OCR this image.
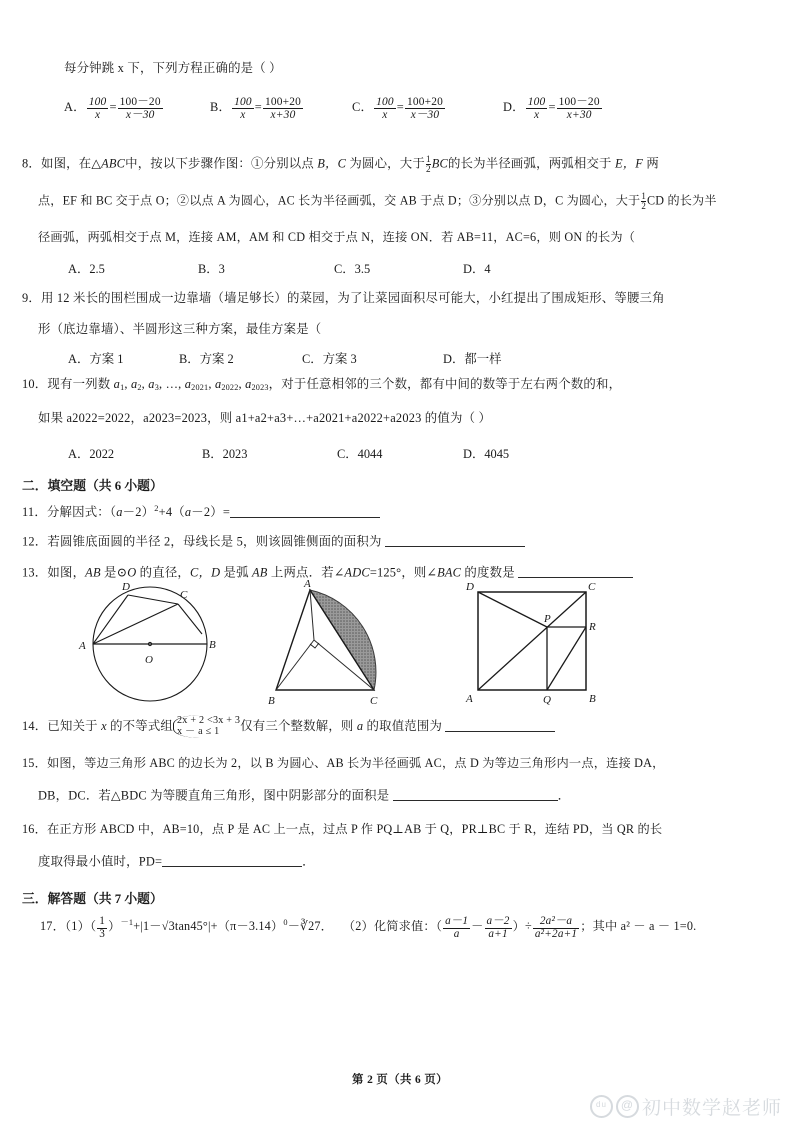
每分钟跳 x 下，下列方程正确的是（ ）
A． $\frac{100}{x} = \frac{100-20}{x-30}$	B． $\frac{100}{x} = \frac{100+20}{x+30}$	C． $\frac{100}{x} = \frac{100+20}{x-30}$	D． $\frac{100}{x} = \frac{100-20}{x+30}$
8．如图，在△ABC中，按以下步骤作图：①分别以点 B，C 为圆心，大于 $\frac{1}{2}$ BC的长为半径画弧，两弧相交于 E，F 两
点，EF 和 BC 交于点 O；②以点 A 为圆心，AC 长为半径画弧，交 AB 于点 D；③分别以点 D，C 为圆心，大于 $\frac{1}{2}$ CD 的长为半
径画弧，两弧相交于点 M，连接 AM，AM 和 CD 相交于点 N，连接 ON．若 AB=11，AC=6，则 ON 的长为（
A．2.5	B．3	C．3.5	D．4
9．用 12 米长的围栏围成一边靠墙（墙足够长）的菜园，为了让菜园面积尽可能大，小红提出了围成矩形、等腰三角
形（底边靠墙）、半圆形这三种方案，最佳方案是（
A．方案 1	B．方案 2	C．方案 3	D．都一样
10．现有一列数 $a_1$, $a_2$, $a_3$, …, $a_{2021}$, $a_{2022}$, $a_{2023}$，对于任意相邻的三个数，都有中间的数等于左右两个数的和，
如果 a2022=2022，a2023=2023，则 a1+a2+a3+…+a2021+a2022+a2023 的值为（ ）
A．2022	B．2023	C．4044	D．4045
二．填空题（共 6 小题）
11．分解因式：$(a-2)^2+4(a-2)=$
12．若圆锥底面圆的半径 2，母线长是 5，则该圆锥侧面的面积为
13．如图，AB 是⊙O 的直径，C，D 是弧 AB 上两点．若∠ADC=125°，则∠BAC 的度数是
D
C
A
O
B
A
B	C
D	C
P
R
A	Q	B
14．已知关于 x 的不等式组 2x + 2 <3x + 3
x － a ≤ 1	仅有三个整数解，则 a 的取值范围为
15．如图，等边三角形 ABC 的边长为 2，以 B 为圆心、AB 长为半径画弧 AC，点 D 为等边三角形内一点，连接 DA，
DB，DC．若△BDC 为等腰直角三角形，图中阴影部分的面积是	．
16．在正方形 ABCD 中，AB=10，点 P 是 AC 上一点，过点 P 作 PQ⊥AB 于 Q，PR⊥BC 于 R，连结 PD，当 QR 的长
度取得最小值时，PD=	．
三．解答题（共 7 小题）
17．$(1)( \frac{1}{3}$ ）$^{-1}+|1-√3\tan 45^\circ|+(\pi-3.14)^0-∛27$． （2）化简求值：（ $\frac{a-1}{a} - \frac{a-2}{a+1}$ ）÷ $\frac{\text{2a²－a}}{\text{a²+2a+1}}$ ；其中 a² － a － 1=0.
第 2 页（共 6 页）
du	@ 初中数学赵老师
